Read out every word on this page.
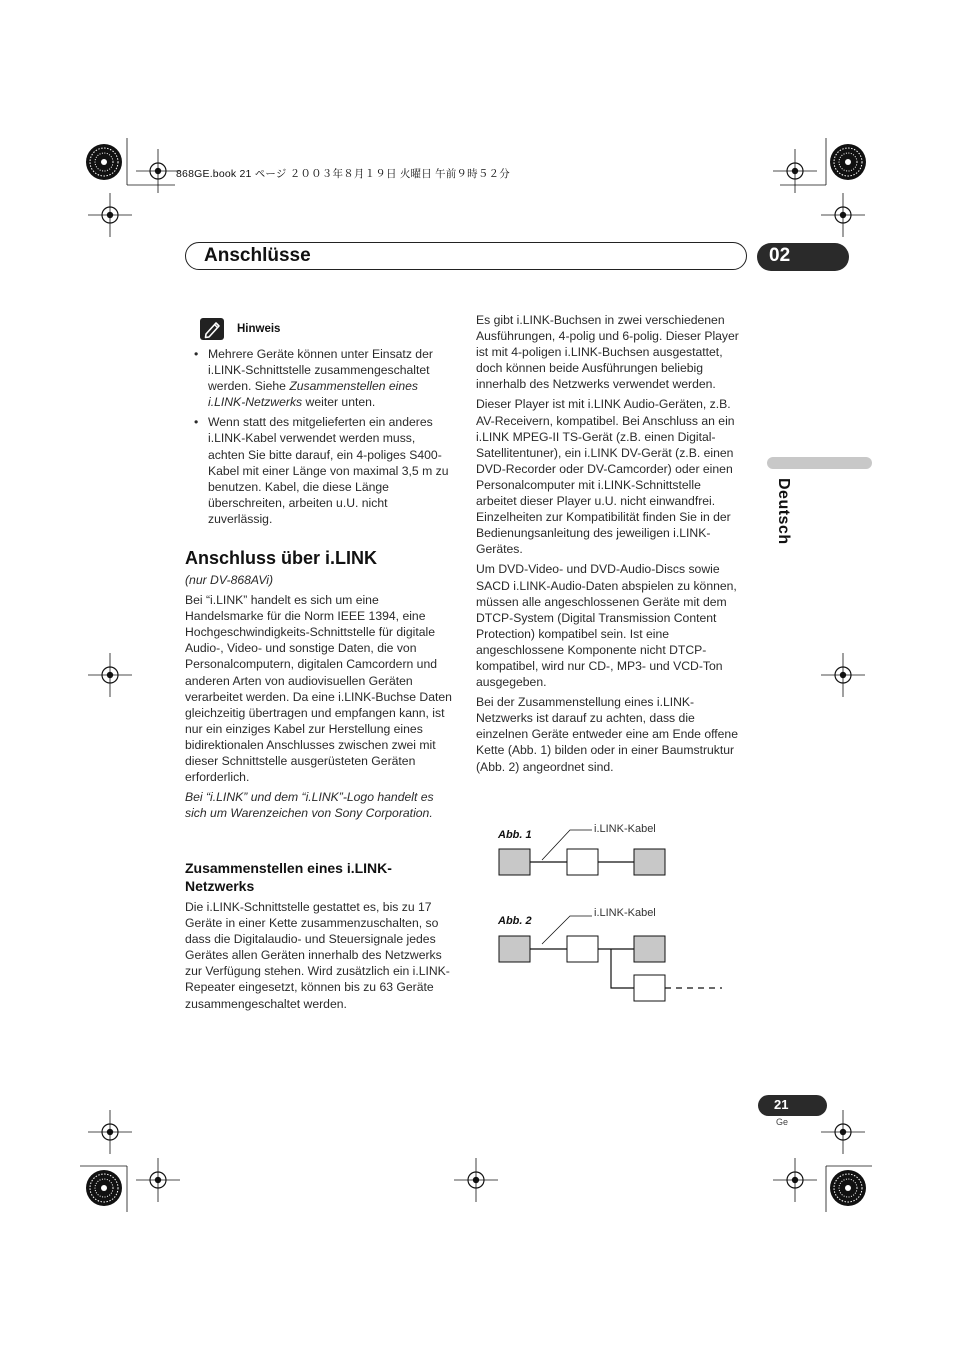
868GE.book 21 ページ ２００３年８月１９日 火曜日 午前９時５２分
Anschlüsse	02
Deutsch
Hinweis
• Mehrere Geräte können unter Einsatz der i.LINK-Schnittstelle zusammengeschaltet werden. Siehe Zusammenstellen eines i.LINK-Netzwerks weiter unten.
• Wenn statt des mitgelieferten ein anderes i.LINK-Kabel verwendet werden muss, achten Sie bitte darauf, ein 4-poliges S400-Kabel mit einer Länge von maximal 3,5 m zu benutzen. Kabel, die diese Länge überschreiten, arbeiten u.U. nicht zuverlässig.
Anschluss über i.LINK

(nur DV-868AVi)

Bei “i.LINK” handelt es sich um eine Handelsmarke für die Norm IEEE 1394, eine Hochgeschwindigkeits-Schnittstelle für digitale Audio-, Video- und sonstige Daten, die von Personalcomputern, digitalen Camcordern und anderen Arten von audiovisuellen Geräten verarbeitet werden. Da eine i.LINK-Buchse Daten gleichzeitig übertragen und empfangen kann, ist nur ein einziges Kabel zur Herstellung eines bidirektionalen Anschlusses zwischen zwei mit dieser Schnittstelle ausgerüsteten Geräten erforderlich.

Bei “i.LINK” und dem “i.LINK”-Logo handelt es sich um Warenzeichen von Sony Corporation.

Zusammenstellen eines i.LINK-Netzwerks

Die i.LINK-Schnittstelle gestattet es, bis zu 17 Geräte in einer Kette zusammenzuschalten, so dass die Digitalaudio- und Steuersignale jedes Gerätes allen Geräten innerhalb des Netzwerks zur Verfügung stehen. Wird zusätzlich ein i.LINK-Repeater eingesetzt, können bis zu 63 Geräte zusammengeschaltet werden.

Es gibt i.LINK-Buchsen in zwei verschiedenen Ausführungen, 4-polig und 6-polig. Dieser Player ist mit 4-poligen i.LINK-Buchsen ausgestattet, doch können beide Ausführungen beliebig innerhalb des Netzwerks verwendet werden.

Dieser Player ist mit i.LINK Audio-Geräten, z.B. AV-Receivern, kompatibel. Bei Anschluss an ein i.LINK MPEG-II TS-Gerät (z.B. einen Digital-Satellitentuner), ein i.LINK DV-Gerät (z.B. einen DVD-Recorder oder DV-Camcorder) oder einen Personalcomputer mit i.LINK-Schnittstelle arbeitet dieser Player u.U. nicht einwandfrei. Einzelheiten zur Kompatibilität finden Sie in der Bedienungsanleitung des jeweiligen i.LINK-Gerätes.

Um DVD-Video- und DVD-Audio-Discs sowie SACD i.LINK-Audio-Daten abspielen zu können, müssen alle angeschlossenen Geräte mit dem DTCP-System (Digital Transmission Content Protection) kompatibel sein. Ist eine angeschlossene Komponente nicht DTCP-kompatibel, wird nur CD-, MP3- und VCD-Ton ausgegeben.

Bei der Zusammenstellung eines i.LINK-Netzwerks ist darauf zu achten, dass die einzelnen Geräte entweder eine am Ende offene Kette (Abb. 1) bilden oder in einer Baumstruktur (Abb. 2) angeordnet sind.

Abb. 1	i.LINK-Kabel
Abb. 2
i.LINK-Kabel
21
Ge
